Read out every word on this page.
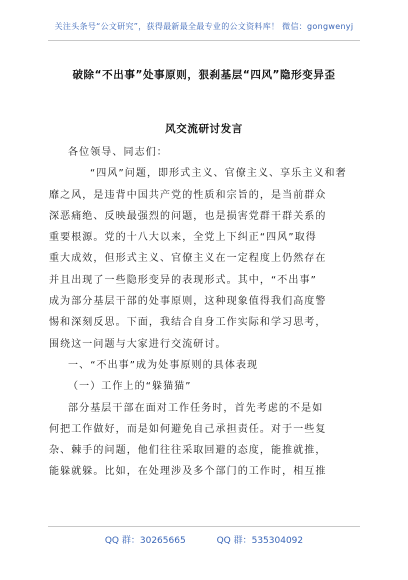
关注头条号“公文研究”，获得最新最全最专业的公文资料库！ 微信：gongwenyj
破除“不出事”处事原则，狠刹基层“四风”隐形变异歪
风交流研讨发言
各位领导、同志们：
“四风”问题，即形式主义、官僚主义、享乐主义和奢
靡之风，是违背中国共产党的性质和宗旨的，是当前群众
深恶痛绝、反映最强烈的问题，也是损害党群干群关系的
重要根源。党的十八大以来，全党上下纠正“四风”取得
重大成效，但形式主义、官僚主义在一定程度上仍然存在
并且出现了一些隐形变异的表现形式。其中，“不出事”
成为部分基层干部的处事原则，这种现象值得我们高度警
惕和深刻反思。下面，我结合自身工作实际和学习思考，
围绕这一问题与大家进行交流研讨。
一、“不出事”成为处事原则的具体表现
（一）工作上的“躲猫猫”
部分基层干部在面对工作任务时，首先考虑的不是如
何把工作做好，而是如何避免自己承担责任。对于一些复
杂、棘手的问题，他们往往采取回避的态度，能推就推，
能躲就躲。比如，在处理涉及多个部门的工作时，相互推
QQ 群：30265665	QQ 群：535304092
